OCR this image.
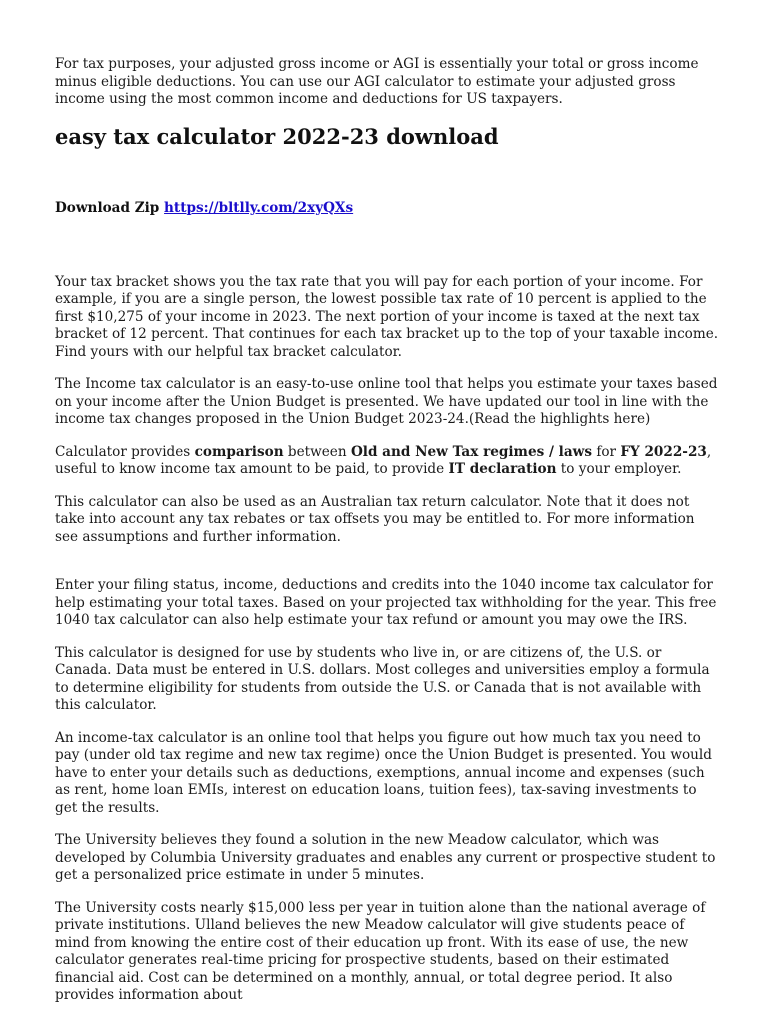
For tax purposes, your adjusted gross income or AGI is essentially your total or gross income minus eligible deductions. You can use our AGI calculator to estimate your adjusted gross income using the most common income and deductions for US taxpayers.

easy tax calculator 2022-23 download
Download Zip https://bltlly.com/2xyQXs

Your tax bracket shows you the tax rate that you will pay for each portion of your income. For example, if you are a single person, the lowest possible tax rate of 10 percent is applied to the first $10,275 of your income in 2023. The next portion of your income is taxed at the next tax bracket of 12 percent. That continues for each tax bracket up to the top of your taxable income. Find yours with our helpful tax bracket calculator.

The Income tax calculator is an easy-to-use online tool that helps you estimate your taxes based on your income after the Union Budget is presented. We have updated our tool in line with the income tax changes proposed in the Union Budget 2023-24.(Read the highlights here)

Calculator provides comparison between Old and New Tax regimes / laws for FY 2022-23, useful to know income tax amount to be paid, to provide IT declaration to your employer.

This calculator can also be used as an Australian tax return calculator. Note that it does not take into account any tax rebates or tax offsets you may be entitled to. For more information see assumptions and further information.

Enter your filing status, income, deductions and credits into the 1040 income tax calculator for help estimating your total taxes. Based on your projected tax withholding for the year. This free 1040 tax calculator can also help estimate your tax refund or amount you may owe the IRS.

This calculator is designed for use by students who live in, or are citizens of, the U.S. or Canada. Data must be entered in U.S. dollars. Most colleges and universities employ a formula to determine eligibility for students from outside the U.S. or Canada that is not available with this calculator.

An income-tax calculator is an online tool that helps you figure out how much tax you need to pay (under old tax regime and new tax regime) once the Union Budget is presented. You would have to enter your details such as deductions, exemptions, annual income and expenses (such as rent, home loan EMIs, interest on education loans, tuition fees), tax-saving investments to get the results.

The University believes they found a solution in the new Meadow calculator, which was developed by Columbia University graduates and enables any current or prospective student to get a personalized price estimate in under 5 minutes.

The University costs nearly $15,000 less per year in tuition alone than the national average of private institutions. Ulland believes the new Meadow calculator will give students peace of mind from knowing the entire cost of their education up front. With its ease of use, the new calculator generates real-time pricing for prospective students, based on their estimated financial aid. Cost can be determined on a monthly, annual, or total degree period. It also provides information about
